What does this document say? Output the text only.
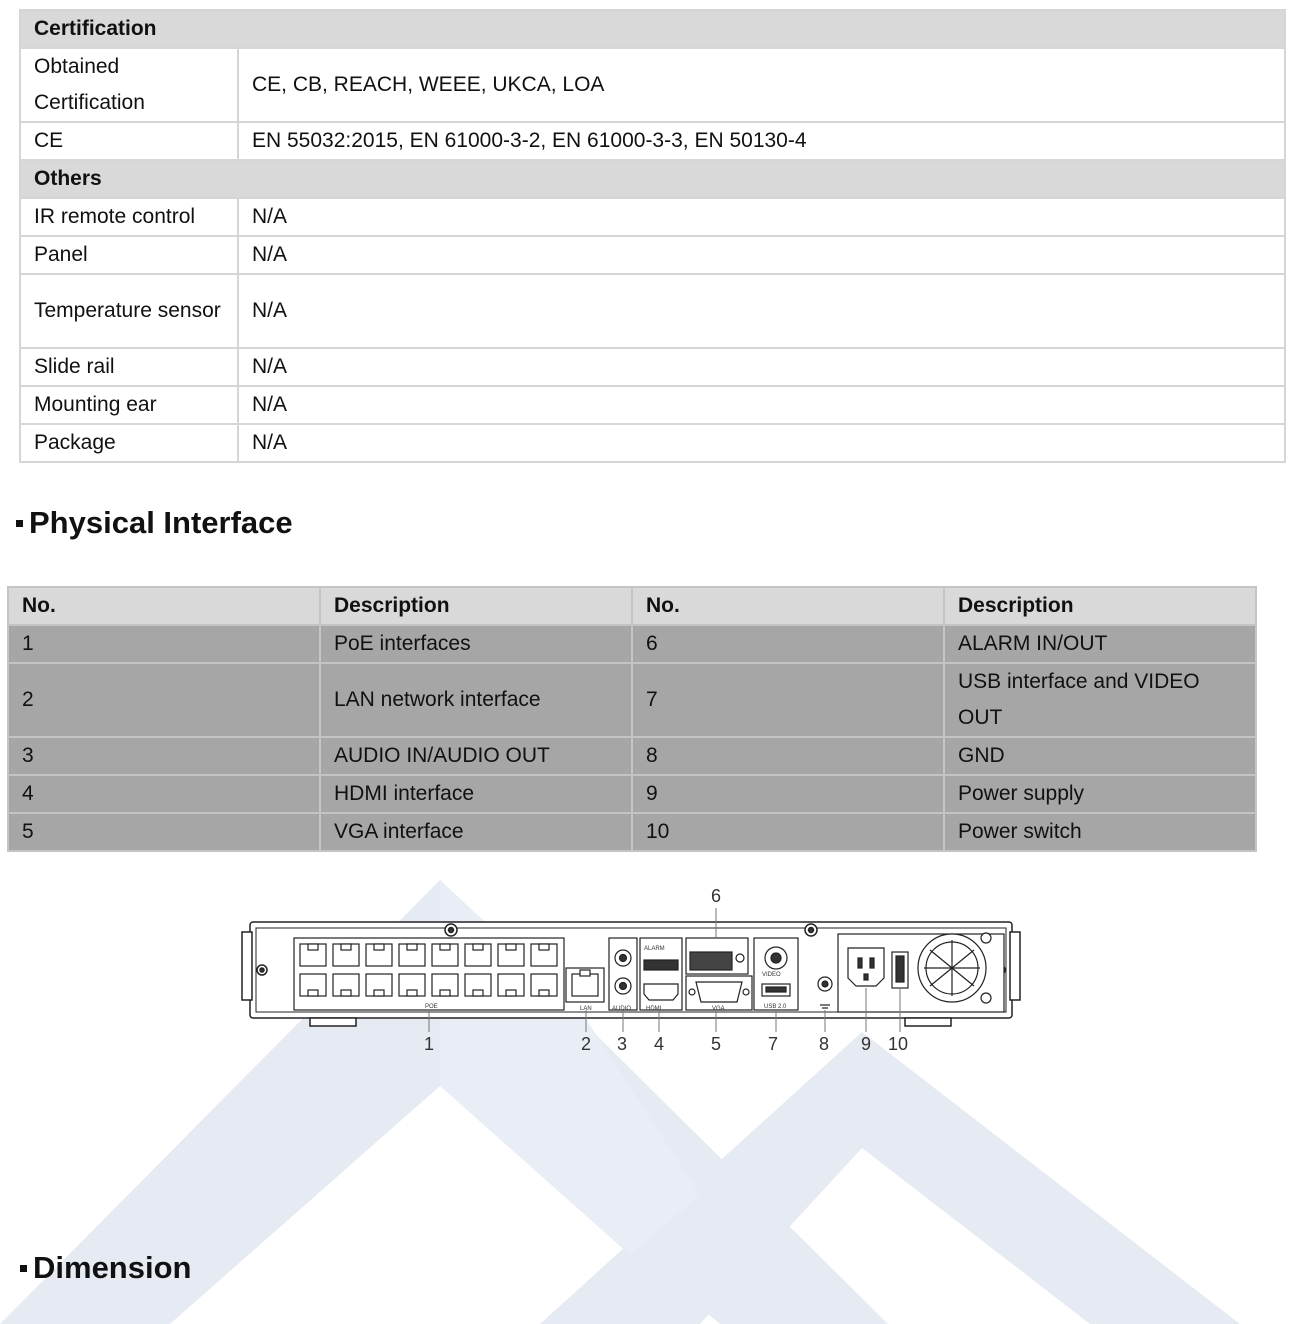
Certification	
Obtained Certification	CE, CB, REACH, WEEE, UKCA, LOA
CE	EN 55032:2015, EN 61000-3-2, EN 61000-3-3, EN 50130-4
Others	
IR remote control	N/A
Panel	N/A
Temperature sensor	N/A
Slide rail	N/A
Mounting ear	N/A
Package	N/A
Physical Interface
No.	Description	No.	Description
1	PoE interfaces	6	ALARM IN/OUT
2	LAN network interface	7	USB interface and VIDEO OUT
3	AUDIO IN/AUDIO OUT	8	GND
4	HDMI interface	9	Power supply
5	VGA interface	10	Power switch
POE	LAN	AUDIO HDMI
ALARM
VGA
VIDEO
USB 2.0
1	2 3 4	5
6
7 8 9 10
Dimension
